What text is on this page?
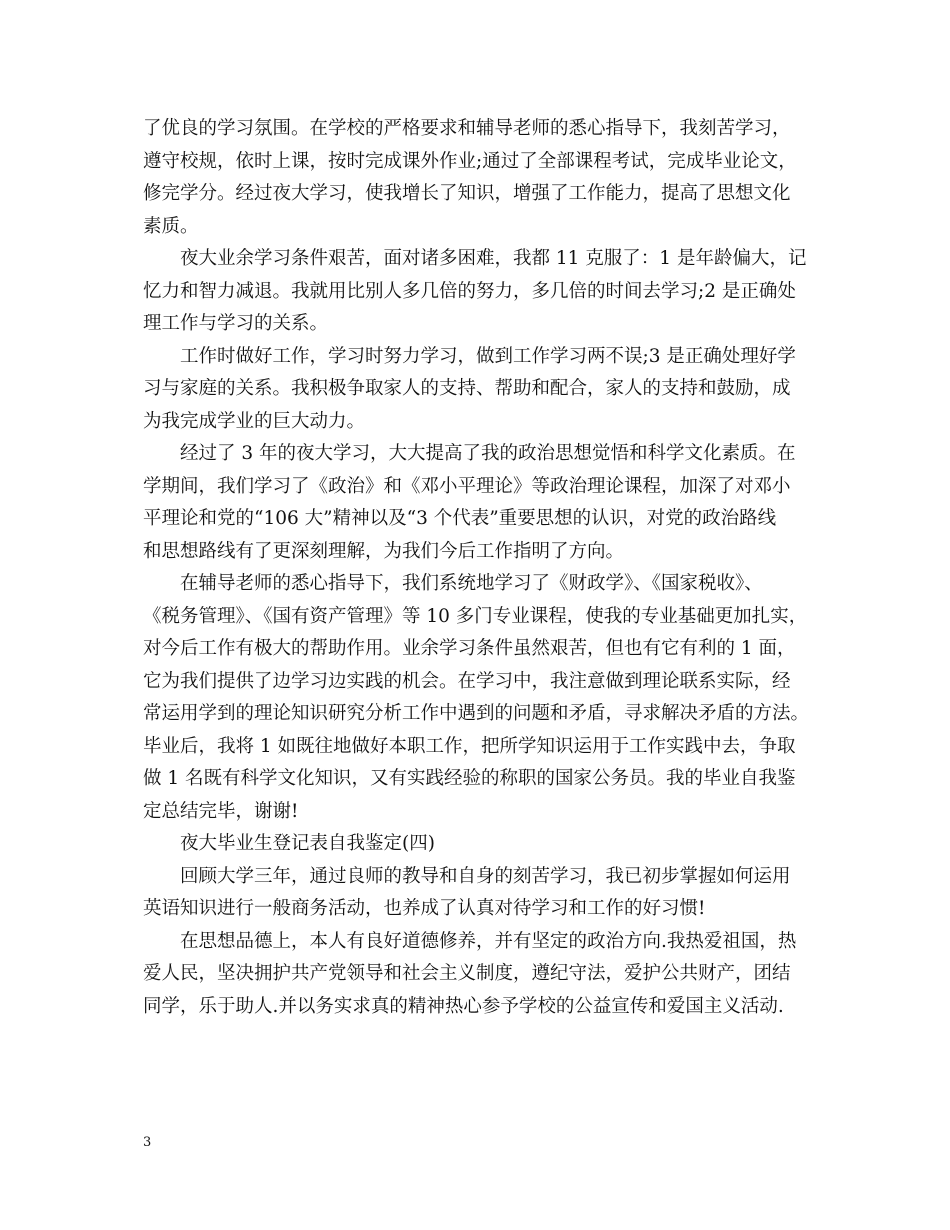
了优良的学习氛围。在学校的严格要求和辅导老师的悉心指导下，我刻苦学习，
遵守校规，依时上课，按时完成课外作业;通过了全部课程考试，完成毕业论文，
修完学分。经过夜大学习，使我增长了知识，增强了工作能力，提高了思想文化
素质。
夜大业余学习条件艰苦，面对诸多困难，我都 11 克服了：1 是年龄偏大，记
忆力和智力减退。我就用比别人多几倍的努力，多几倍的时间去学习;2 是正确处
理工作与学习的关系。
工作时做好工作，学习时努力学习，做到工作学习两不误;3 是正确处理好学
习与家庭的关系。我积极争取家人的支持、帮助和配合，家人的支持和鼓励，成
为我完成学业的巨大动力。
经过了 3 年的夜大学习，大大提高了我的政治思想觉悟和科学文化素质。在
学期间，我们学习了《政治》和《邓小平理论》等政治理论课程，加深了对邓小
平理论和党的“106 大”精神以及“3 个代表”重要思想的认识，对党的政治路线
和思想路线有了更深刻理解，为我们今后工作指明了方向。
在辅导老师的悉心指导下，我们系统地学习了《财政学》、《国家税收》、
《税务管理》、《国有资产管理》等 10 多门专业课程，使我的专业基础更加扎实，
对今后工作有极大的帮助作用。业余学习条件虽然艰苦，但也有它有利的 1 面，
它为我们提供了边学习边实践的机会。在学习中，我注意做到理论联系实际，经
常运用学到的理论知识研究分析工作中遇到的问题和矛盾，寻求解决矛盾的方法。
毕业后，我将 1 如既往地做好本职工作，把所学知识运用于工作实践中去，争取
做 1 名既有科学文化知识，又有实践经验的称职的国家公务员。我的毕业自我鉴
定总结完毕，谢谢!
夜大毕业生登记表自我鉴定(四)
回顾大学三年，通过良师的教导和自身的刻苦学习，我已初步掌握如何运用
英语知识进行一般商务活动，也养成了认真对待学习和工作的好习惯!
在思想品德上，本人有良好道德修养，并有坚定的政治方向.我热爱祖国，热
爱人民，坚决拥护共产党领导和社会主义制度，遵纪守法，爱护公共财产，团结
同学，乐于助人.并以务实求真的精神热心参予学校的公益宣传和爱国主义活动.
3
